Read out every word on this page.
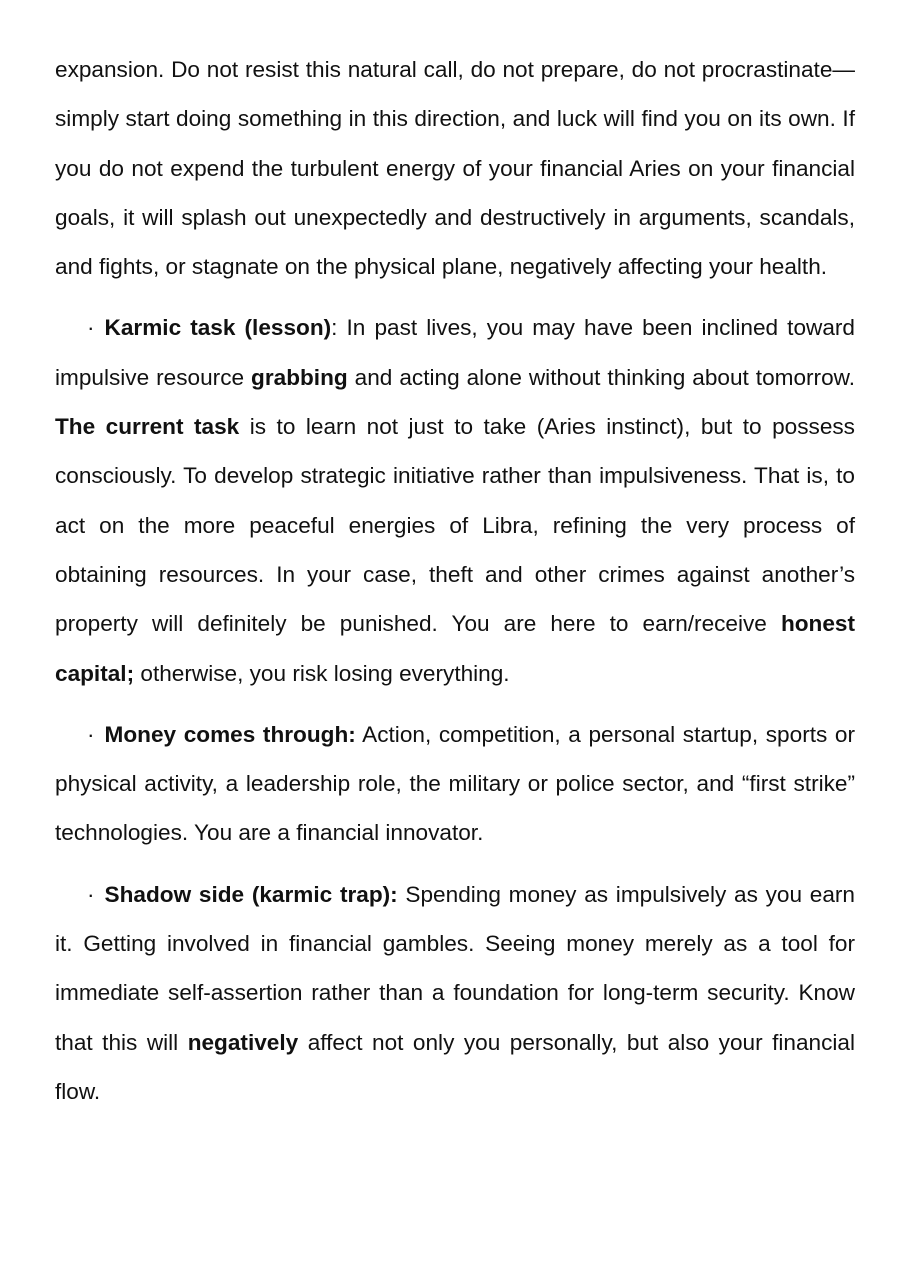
expansion. Do not resist this natural call, do not prepare, do not procrastinate—simply start doing something in this direction, and luck will find you on its own. If you do not expend the turbulent energy of your financial Aries on your financial goals, it will splash out unexpectedly and destructively in arguments, scandals, and fights, or stagnate on the physical plane, negatively affecting your health.

· Karmic task (lesson): In past lives, you may have been inclined toward impulsive resource grabbing and acting alone without thinking about tomorrow. The current task is to learn not just to take (Aries instinct), but to possess consciously. To develop strategic initiative rather than impulsiveness. That is, to act on the more peaceful energies of Libra, refining the very process of obtaining resources. In your case, theft and other crimes against another’s property will definitely be punished. You are here to earn/receive honest capital; otherwise, you risk losing everything.

· Money comes through: Action, competition, a personal startup, sports or physical activity, a leadership role, the military or police sector, and “first strike” technologies. You are a financial innovator.

· Shadow side (karmic trap): Spending money as impulsively as you earn it. Getting involved in financial gambles. Seeing money merely as a tool for immediate self-assertion rather than a foundation for long-term security. Know that this will negatively affect not only you personally, but also your financial flow.
